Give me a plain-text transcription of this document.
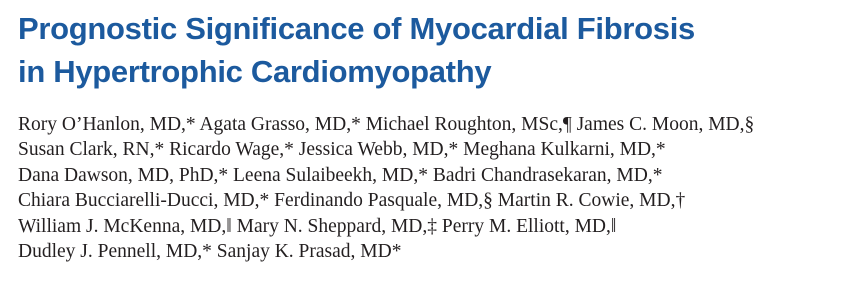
Prognostic Significance of Myocardial Fibrosis
in Hypertrophic Cardiomyopathy
Rory O’Hanlon, MD,* Agata Grasso, MD,* Michael Roughton, MSc,¶ James C. Moon, MD,§
Susan Clark, RN,* Ricardo Wage,* Jessica Webb, MD,* Meghana Kulkarni, MD,*
Dana Dawson, MD, PhD,* Leena Sulaibeekh, MD,* Badri Chandrasekaran, MD,*
Chiara Bucciarelli-Ducci, MD,* Ferdinando Pasquale, MD,§ Martin R. Cowie, MD,†
William J. McKenna, MD,‖ Mary N. Sheppard, MD,‡ Perry M. Elliott, MD,‖
Dudley J. Pennell, MD,* Sanjay K. Prasad, MD*
